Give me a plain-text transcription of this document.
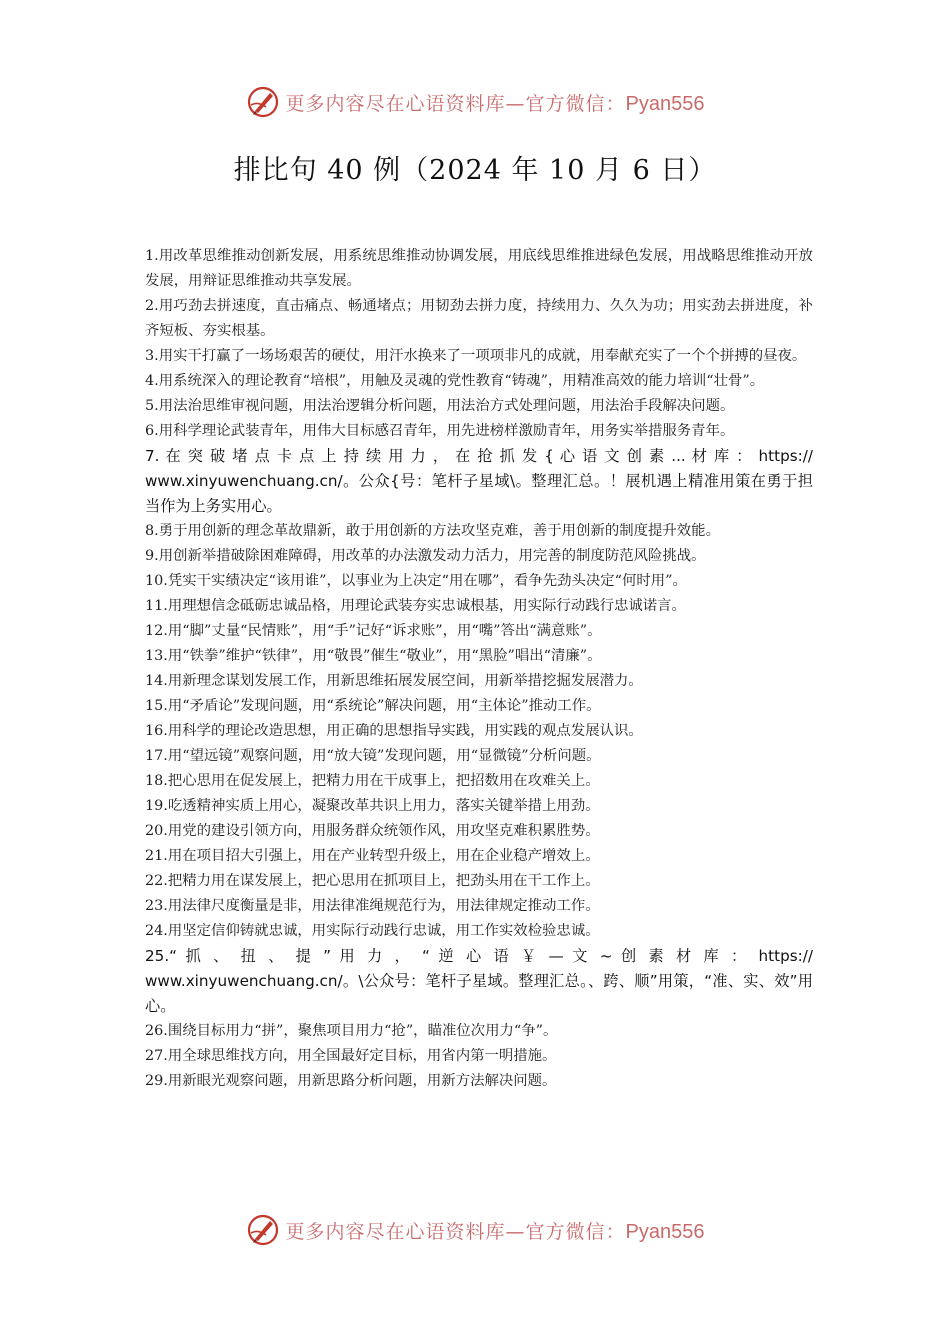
更多内容尽在心语资料库—官方微信：Pyan556
排比句 40 例（2024 年 10 月 6 日）

1.用改革思维推动创新发展，用系统思维推动协调发展，用底线思维推进绿色发展，用战略思维推动开放发展，用辩证思维推动共享发展。

2.用巧劲去拼速度，直击痛点、畅通堵点；用韧劲去拼力度，持续用力、久久为功；用实劲去拼进度，补齐短板、夯实根基。

3.用实干打赢了一场场艰苦的硬仗，用汗水换来了一项项非凡的成就，用奉献充实了一个个拼搏的昼夜。

4.用系统深入的理论教育“培根”，用触及灵魂的党性教育“铸魂”，用精准高效的能力培训“壮骨”。

5.用法治思维审视问题，用法治逻辑分析问题，用法治方式处理问题，用法治手段解决问题。

6.用科学理论武装青年，用伟大目标感召青年，用先进榜样激励青年，用务实举措服务青年。

7. 在 突 破 堵 点 卡 点 上 持 续 用 力 ， 在 抢 抓 发 { 心 语 文 创 素 ... 材 库 ： https://
www.xinyuwenchuang.cn/。公众{号：笔杆子星域\。整理汇总。！展机遇上精准用策在勇于担当作为上务实用心。

8.勇于用创新的理念革故鼎新，敢于用创新的方法攻坚克难，善于用创新的制度提升效能。

9.用创新举措破除困难障碍，用改革的办法激发动力活力，用完善的制度防范风险挑战。

10.凭实干实绩决定“该用谁”，以事业为上决定“用在哪”，看争先劲头决定“何时用”。

11.用理想信念砥砺忠诚品格，用理论武装夯实忠诚根基，用实际行动践行忠诚诺言。

12.用“脚”丈量“民情账”，用“手”记好“诉求账”，用“嘴”答出“满意账”。

13.用“铁拳”维护“铁律”，用“敬畏”催生“敬业”，用“黑脸”唱出“清廉”。

14.用新理念谋划发展工作，用新思维拓展发展空间，用新举措挖掘发展潜力。

15.用“矛盾论”发现问题，用“系统论”解决问题，用“主体论”推动工作。

16.用科学的理论改造思想，用正确的思想指导实践，用实践的观点发展认识。

17.用“望远镜”观察问题，用“放大镜”发现问题，用“显微镜”分析问题。

18.把心思用在促发展上，把精力用在干成事上，把招数用在攻难关上。

19.吃透精神实质上用心，凝聚改革共识上用力，落实关键举措上用劲。

20.用党的建设引领方向，用服务群众统领作风，用攻坚克难积累胜势。

21.用在项目招大引强上，用在产业转型升级上，用在企业稳产增效上。

22.把精力用在谋发展上，把心思用在抓项目上，把劲头用在干工作上。

23.用法律尺度衡量是非，用法律准绳规范行为，用法律规定推动工作。

24.用坚定信仰铸就忠诚，用实际行动践行忠诚，用工作实效检验忠诚。

25.“ 抓 、 扭 、 提 ” 用 力 ， “ 逆 心 语 ￥ — 文 ~ 创 素 材 库 ： https://
www.xinyuwenchuang.cn/。\公众号：笔杆子星域。整理汇总。、跨、顺”用策，“准、实、效”用心。

26.围绕目标用力“拼”，聚焦项目用力“抢”，瞄准位次用力“争”。

27.用全球思维找方向，用全国最好定目标，用省内第一明措施。

29.用新眼光观察问题，用新思路分析问题，用新方法解决问题。

更多内容尽在心语资料库—官方微信：Pyan556
